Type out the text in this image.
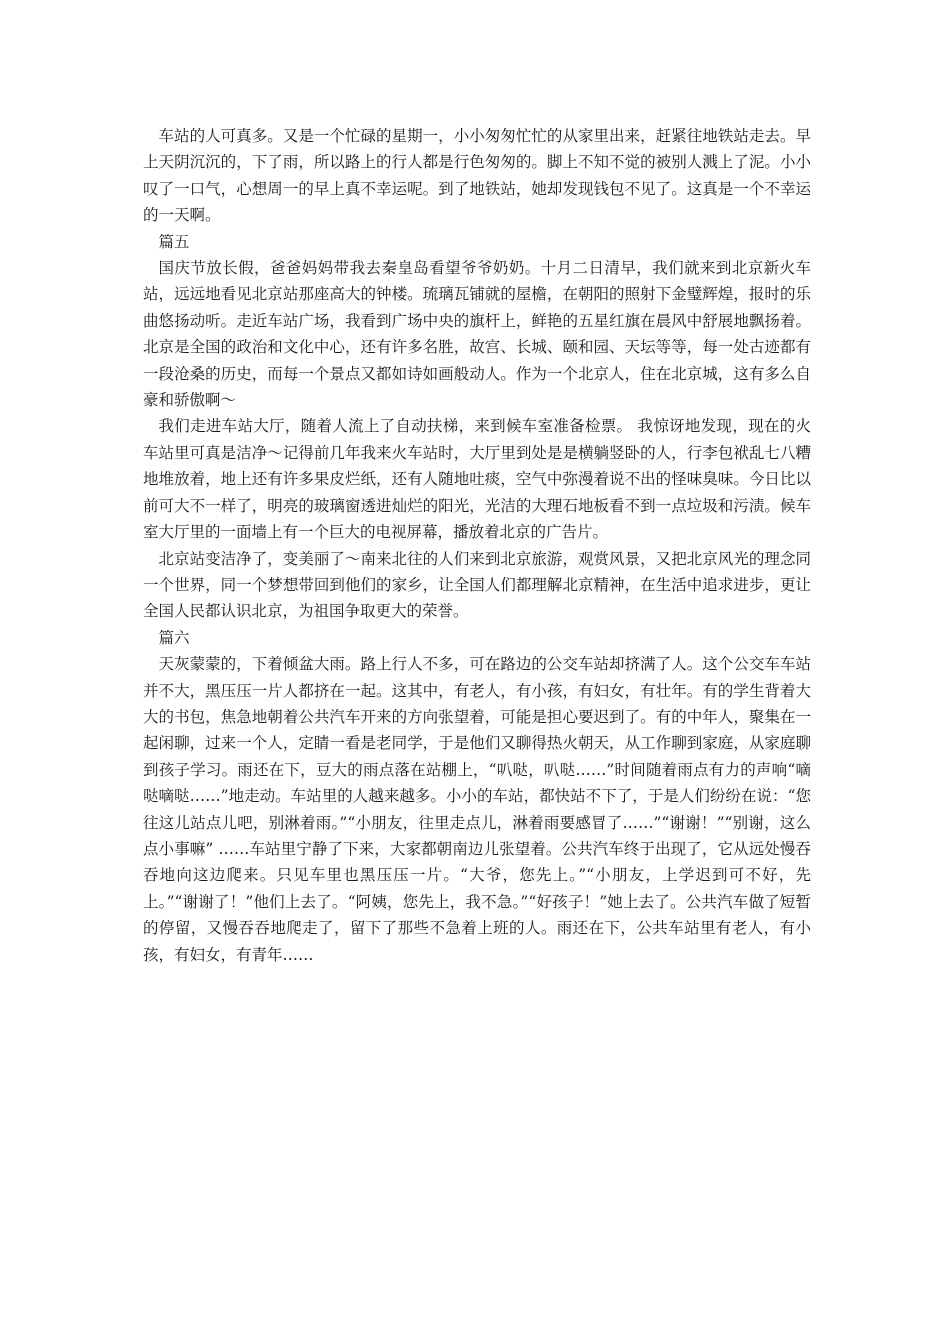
车站的人可真多。又是一个忙碌的星期一，小小匆匆忙忙的从家里出来，赶紧往地铁站走去。早上天阴沉沉的，下了雨，所以路上的行人都是行色匆匆的。脚上不知不觉的被别人溅上了泥。小小叹了一口气，心想周一的早上真不幸运呢。到了地铁站，她却发现钱包不见了。这真是一个不幸运的一天啊。

篇五

国庆节放长假，爸爸妈妈带我去秦皇岛看望爷爷奶奶。十月二日清早，我们就来到北京新火车站，远远地看见北京站那座高大的钟楼。琉璃瓦铺就的屋檐，在朝阳的照射下金璧辉煌，报时的乐曲悠扬动听。走近车站广场，我看到广场中央的旗杆上，鲜艳的五星红旗在晨风中舒展地飘扬着。北京是全国的政治和文化中心，还有许多名胜，故宫、长城、颐和园、天坛等等，每一处古迹都有一段沧桑的历史，而每一个景点又都如诗如画般动人。作为一个北京人，住在北京城，这有多么自豪和骄傲啊～

我们走进车站大厅，随着人流上了自动扶梯，来到候车室准备检票。 我惊讶地发现，现在的火车站里可真是洁净～记得前几年我来火车站时，大厅里到处是是横躺竖卧的人，行李包袱乱七八糟地堆放着，地上还有许多果皮烂纸，还有人随地吐痰，空气中弥漫着说不出的怪味臭味。今日比以前可大不一样了，明亮的玻璃窗透进灿烂的阳光，光洁的大理石地板看不到一点垃圾和污渍。候车室大厅里的一面墙上有一个巨大的电视屏幕，播放着北京的广告片。

北京站变洁净了，变美丽了～南来北往的人们来到北京旅游，观赏风景，又把北京风光的理念同一个世界，同一个梦想带回到他们的家乡，让全国人们都理解北京精神，在生活中追求进步，更让全国人民都认识北京，为祖国争取更大的荣誉。

篇六

天灰蒙蒙的，下着倾盆大雨。路上行人不多，可在路边的公交车站却挤满了人。这个公交车车站并不大，黑压压一片人都挤在一起。这其中，有老人，有小孩，有妇女，有壮年。有的学生背着大大的书包，焦急地朝着公共汽车开来的方向张望着，可能是担心要迟到了。有的中年人，聚集在一起闲聊，过来一个人，定睛一看是老同学，于是他们又聊得热火朝天，从工作聊到家庭，从家庭聊到孩子学习。雨还在下，豆大的雨点落在站棚上，“叭哒，叭哒……”时间随着雨点有力的声响“嘀哒嘀哒……”地走动。车站里的人越来越多。小小的车站，都快站不下了，于是人们纷纷在说：“您往这儿站点儿吧，别淋着雨。”“小朋友，往里走点儿，淋着雨要感冒了……”“谢谢！”“别谢，这么点小事嘛” ……车站里宁静了下来，大家都朝南边儿张望着。公共汽车终于出现了，它从远处慢吞吞地向这边爬来。只见车里也黑压压一片。“大爷，您先上。”“小朋友，上学迟到可不好，先上。”“谢谢了！”他们上去了。“阿姨，您先上，我不急。”“好孩子！”她上去了。公共汽车做了短暂的停留，又慢吞吞地爬走了，留下了那些不急着上班的人。雨还在下，公共车站里有老人，有小孩，有妇女，有青年……
